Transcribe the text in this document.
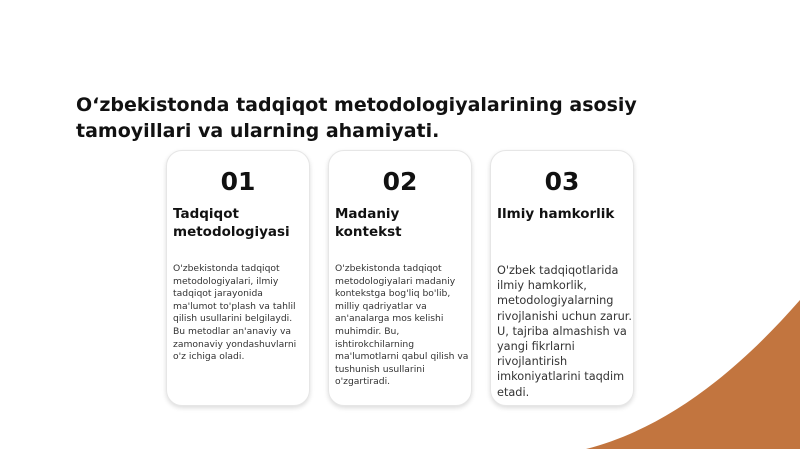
O‘zbekistonda tadqiqot metodologiyalarining asosiy tamoyillari va ularning ahamiyati.
01
Tadqiqot metodologiyasi
O'zbekistonda tadqiqot metodologiyalari, ilmiy tadqiqot jarayonida ma'lumot to'plash va tahlil qilish usullarini belgilaydi. Bu metodlar an'anaviy va zamonaviy yondashuvlarni o'z ichiga oladi.
02
Madaniy kontekst
O'zbekistonda tadqiqot metodologiyalari madaniy kontekstga bog'liq bo'lib, milliy qadriyatlar va an'analarga mos kelishi muhimdir. Bu, ishtirokchilarning ma'lumotlarni qabul qilish va tushunish usullarini o'zgartiradi.
03
Ilmiy hamkorlik
O'zbek tadqiqotlarida ilmiy hamkorlik, metodologiyalarning rivojlanishi uchun zarur. U, tajriba almashish va yangi fikrlarni rivojlantirish imkoniyatlarini taqdim etadi.
